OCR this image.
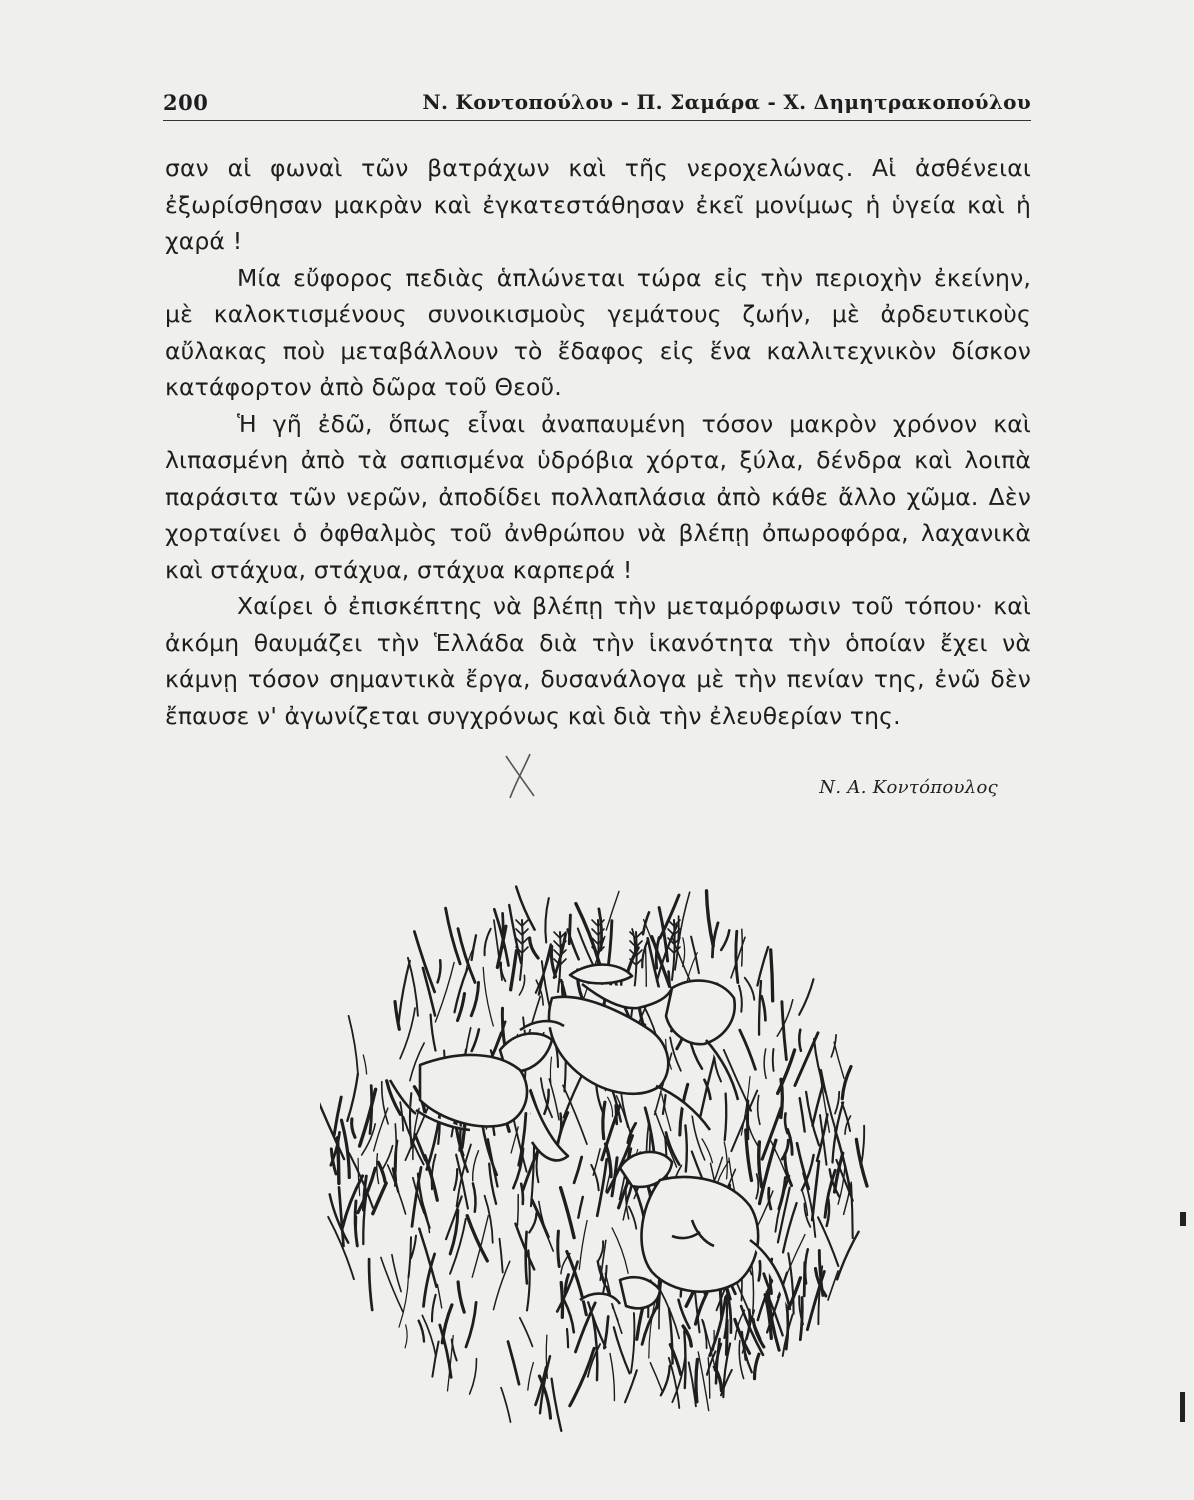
200	Ν. Κοντοπούλου - Π. Σαμάρα - Χ. Δημητρακοπούλου

σαν αἱ φωναὶ τῶν βατράχων καὶ τῆς νεροχελώνας. Αἱ ἀσθένειαι ἐξωρίσθησαν μακρὰν καὶ ἐγκατεστάθησαν ἐκεῖ μονίμως ἡ ὑγεία καὶ ἡ χαρά !

Μία εὔφορος πεδιὰς ἁπλώνεται τώρα εἰς τὴν περιοχὴν ἐκείνην, μὲ καλοκτισμένους συνοικισμοὺς γεμάτους ζωήν, μὲ ἀρδευτικοὺς αὔλακας ποὺ μεταβάλλουν τὸ ἔδαφος εἰς ἕνα καλλιτεχνικὸν δίσκον κατάφορτον ἀπὸ δῶρα τοῦ Θεοῦ.

Ἡ γῆ ἐδῶ, ὅπως εἶναι ἀναπαυμένη τόσον μακρὸν χρόνον καὶ λιπασμένη ἀπὸ τὰ σαπισμένα ὑδρόβια χόρτα, ξύλα, δένδρα καὶ λοιπὰ παράσιτα τῶν νερῶν, ἀποδίδει πολλαπλάσια ἀπὸ κάθε ἄλλο χῶμα. Δὲν χορταίνει ὁ ὀφθαλμὸς τοῦ ἀνθρώπου νὰ βλέπῃ ὀπωροφόρα, λαχανικὰ καὶ στάχυα, στάχυα, στάχυα καρπερά !

Χαίρει ὁ ἐπισκέπτης νὰ βλέπῃ τὴν μεταμόρφωσιν τοῦ τόπου· καὶ ἀκόμη θαυμάζει τὴν Ἑλλάδα διὰ τὴν ἱκανότητα τὴν ὁποίαν ἔχει νὰ κάμνῃ τόσον σημαντικὰ ἔργα, δυσανάλογα μὲ τὴν πενίαν της, ἐνῶ δὲν ἔπαυσε ν' ἀγωνίζεται συγχρόνως καὶ διὰ τὴν ἐλευθερίαν της.

Ν. Α. Κοντόπουλος
